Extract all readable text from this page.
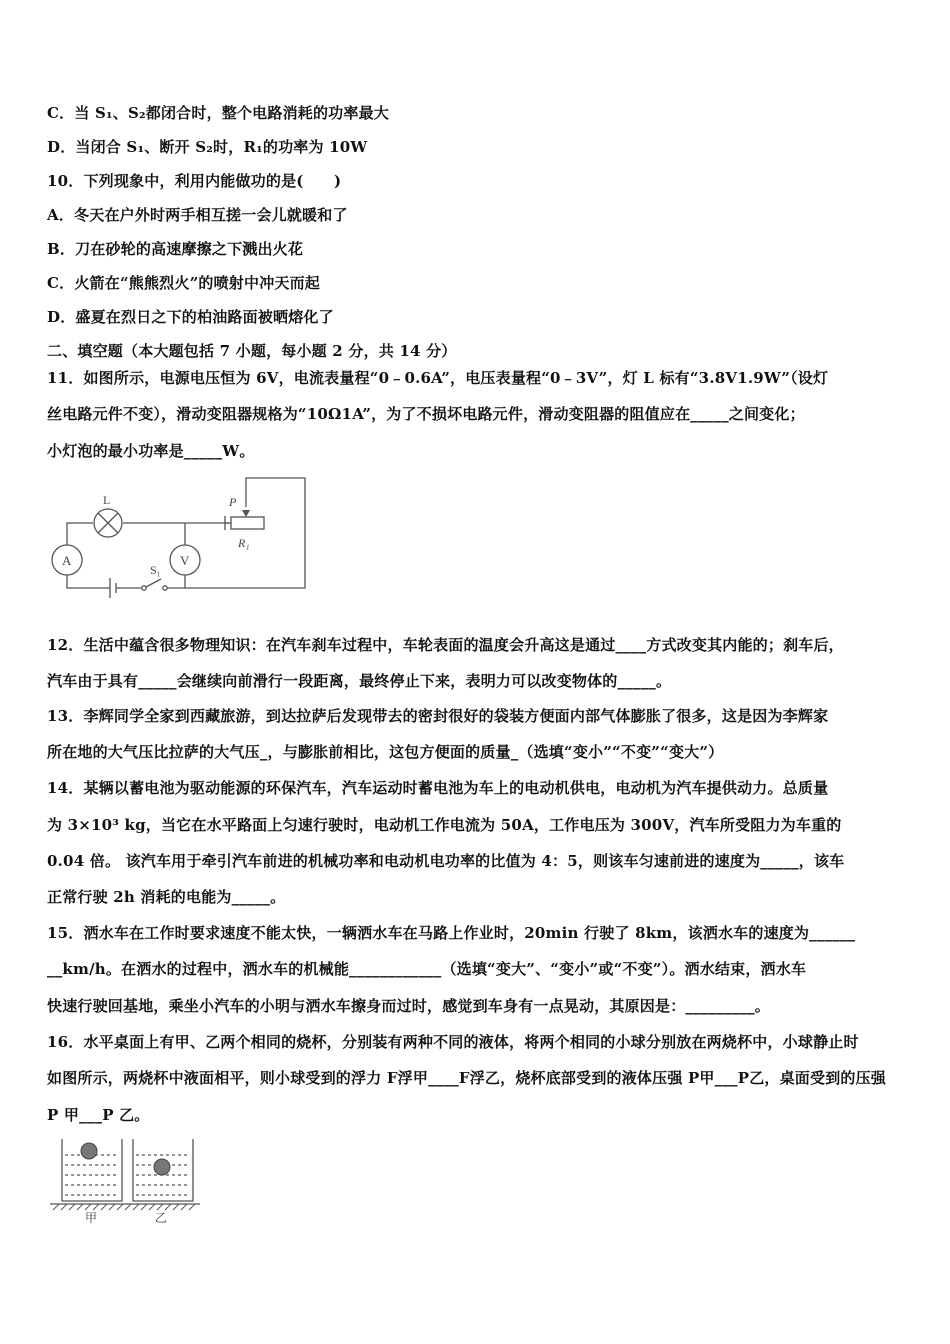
C．当 S₁、S₂都闭合时，整个电路消耗的功率最大
D．当闭合 S₁、断开 S₂时，R₁的功率为 10W
10．下列现象中，利用内能做功的是(　　)
A．冬天在户外时两手相互搓一会儿就暖和了
B．刀在砂轮的高速摩擦之下溅出火花
C．火箭在“熊熊烈火”的喷射中冲天而起
D．盛夏在烈日之下的柏油路面被晒熔化了
二、填空题（本大题包括 7 小题，每小题 2 分，共 14 分）
11．如图所示，电源电压恒为 6V，电流表量程“0﹣0.6A”，电压表量程“0﹣3V”，灯 L 标有“3.8V1.9W”（设灯
丝电路元件不变），滑动变阻器规格为“10Ω1A”，为了不损坏电路元件，滑动变阻器的阻值应在_____之间变化；
小灯泡的最小功率是_____W。
L
A	V
P
R₁
S₁
12．生活中蕴含很多物理知识：在汽车刹车过程中，车轮表面的温度会升高这是通过____方式改变其内能的；刹车后，
汽车由于具有_____会继续向前滑行一段距离，最终停止下来，表明力可以改变物体的_____。
13．李辉同学全家到西藏旅游，到达拉萨后发现带去的密封很好的袋装方便面内部气体膨胀了很多，这是因为李辉家
所在地的大气压比拉萨的大气压_，与膨胀前相比，这包方便面的质量_（选填“变小”“不变”“变大”）
14．某辆以蓄电池为驱动能源的环保汽车，汽车运动时蓄电池为车上的电动机供电，电动机为汽车提供动力。总质量
为 3×10³ kg，当它在水平路面上匀速行驶时，电动机工作电流为 50A，工作电压为 300V，汽车所受阻力为车重的
0.04 倍。 该汽车用于牵引汽车前进的机械功率和电动机电功率的比值为 4：5，则该车匀速前进的速度为_____，该车
正常行驶 2h 消耗的电能为_____。
15．洒水车在工作时要求速度不能太快，一辆洒水车在马路上作业时，20min 行驶了 8km，该洒水车的速度为______
__km/h。在洒水的过程中，洒水车的机械能____________（选填“变大”、“变小”或“不变”）。洒水结束，洒水车
快速行驶回基地，乘坐小汽车的小明与洒水车擦身而过时，感觉到车身有一点晃动，其原因是：_________。
16．水平桌面上有甲、乙两个相同的烧杯，分别装有两种不同的液体，将两个相同的小球分别放在两烧杯中，小球静止时
如图所示，两烧杯中液面相平，则小球受到的浮力 F浮甲____F浮乙，烧杯底部受到的液体压强 P甲___P乙，桌面受到的压强
P 甲___P 乙。
甲	乙
